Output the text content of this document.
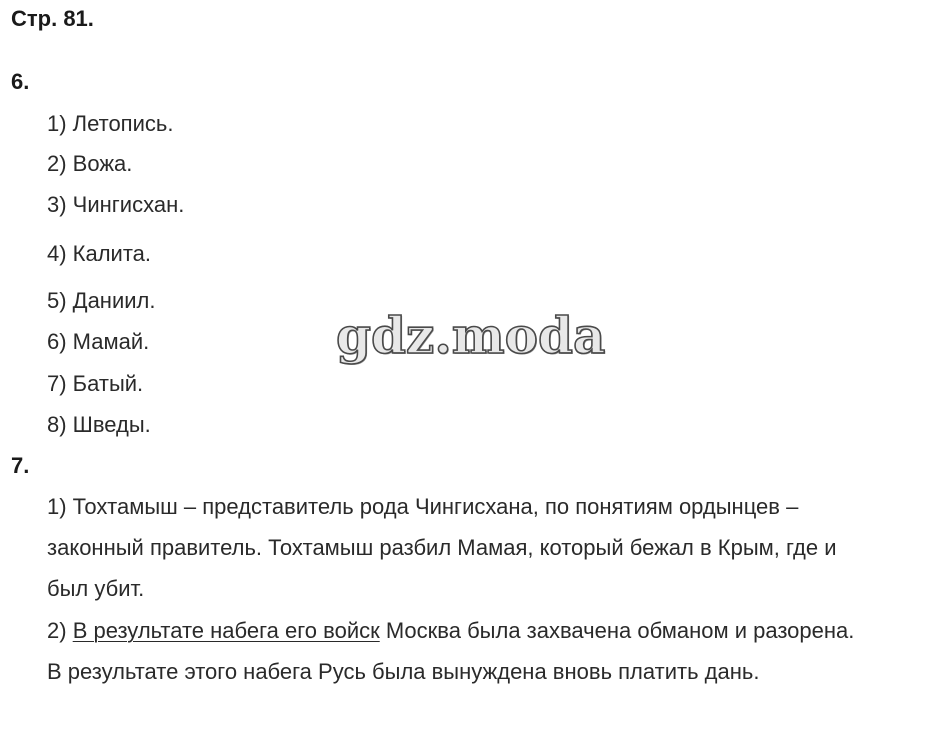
Стр. 81.
6.
1) Летопись.
2) Вожа.
3) Чингисхан.
4) Калита.
5) Даниил.
6) Мамай.
7) Батый.
8) Шведы.
gdz.moda
7.
1) Тохтамыш – представитель рода Чингисхана, по понятиям ордынцев –
законный правитель. Тохтамыш разбил Мамая, который бежал в Крым, где и
был убит.
2) В результате набега его войск Москва была захвачена обманом и разорена.
В результате этого набега Русь была вынуждена вновь платить дань.
